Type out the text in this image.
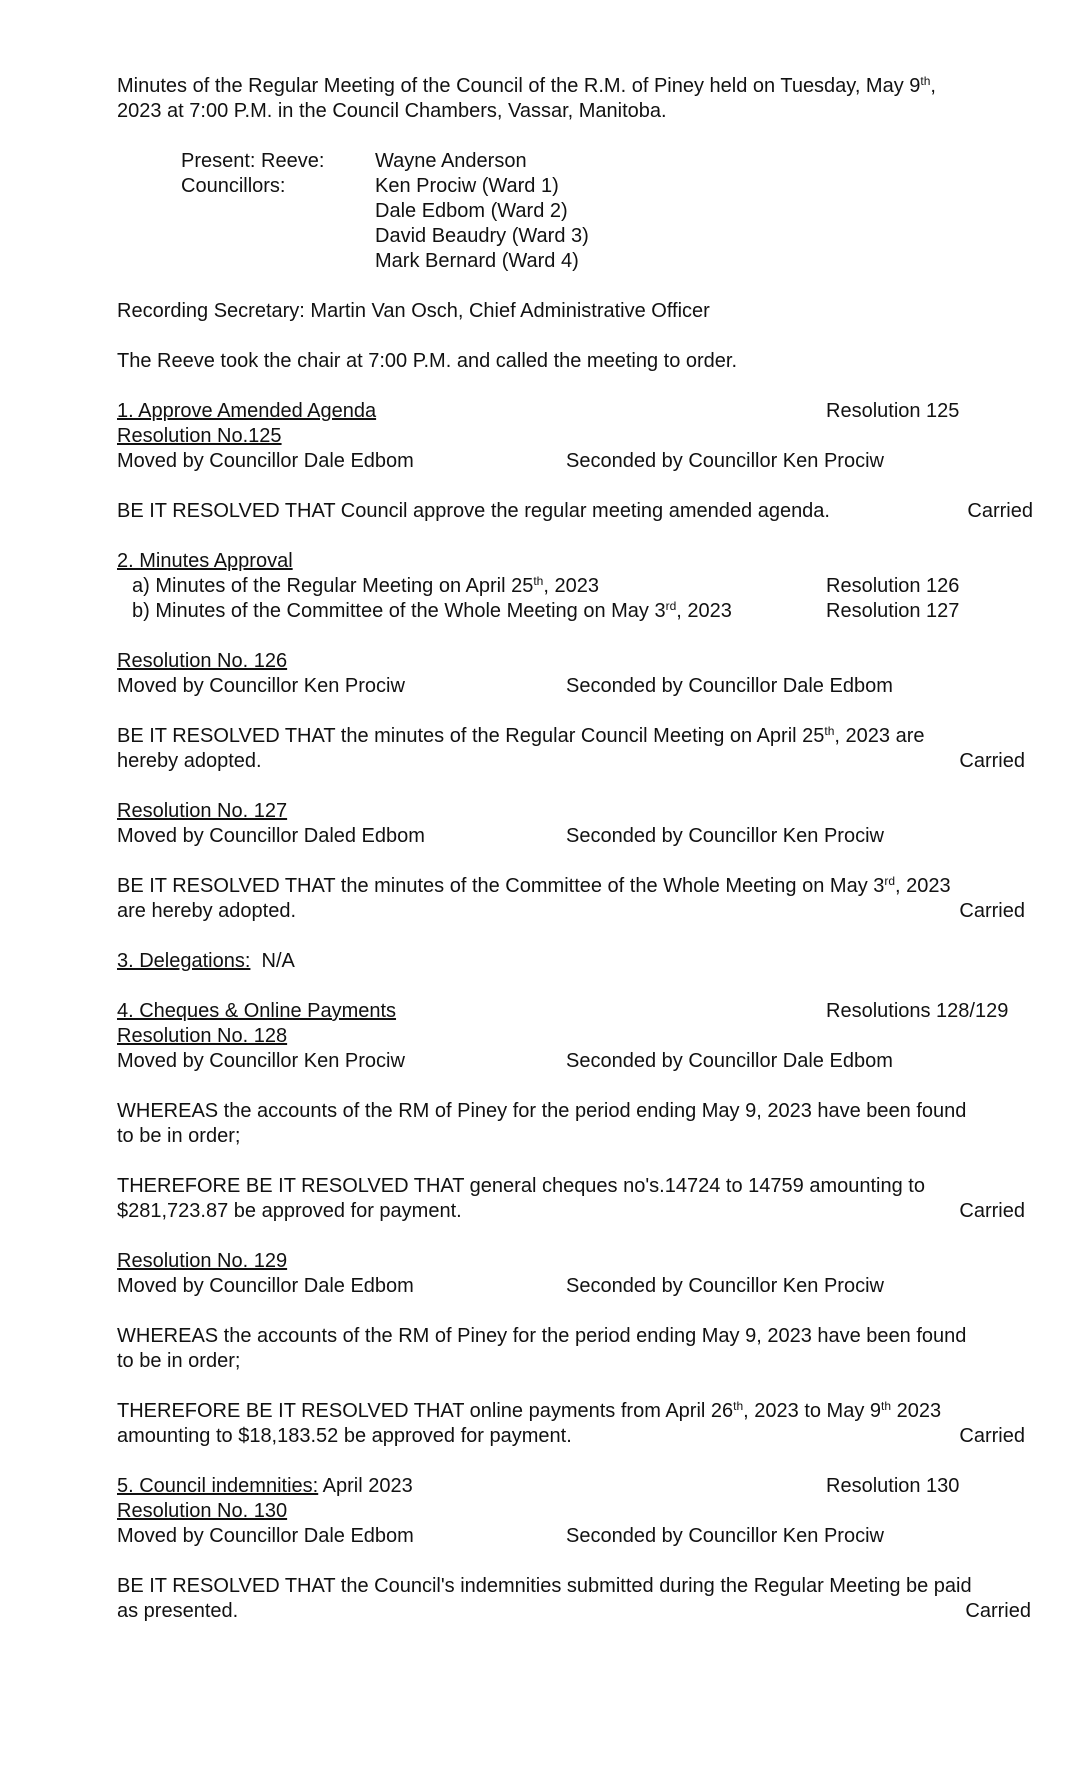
Minutes of the Regular Meeting of the Council of the R.M. of Piney held on Tuesday, May 9th,
2023 at 7:00 P.M. in the Council Chambers, Vassar, Manitoba.
Present: Reeve:	Wayne Anderson
Councillors:	Ken Prociw (Ward 1)
Dale Edbom (Ward 2)
David Beaudry (Ward 3)
Mark Bernard (Ward 4)
Recording Secretary: Martin Van Osch, Chief Administrative Officer
The Reeve took the chair at 7:00 P.M. and called the meeting to order.
1. Approve Amended Agenda	Resolution 125
Resolution No.125
Moved by Councillor Dale Edbom	Seconded by Councillor Ken Prociw
BE IT RESOLVED THAT Council approve the regular meeting amended agenda.	Carried
2. Minutes Approval
a) Minutes of the Regular Meeting on April 25th, 2023	Resolution 126
b) Minutes of the Committee of the Whole Meeting on May 3rd, 2023	Resolution 127
Resolution No. 126
Moved by Councillor Ken Prociw	Seconded by Councillor Dale Edbom
BE IT RESOLVED THAT the minutes of the Regular Council Meeting on April 25th, 2023 are
hereby adopted.	Carried
Resolution No. 127
Moved by Councillor Daled Edbom	Seconded by Councillor Ken Prociw
BE IT RESOLVED THAT the minutes of the Committee of the Whole Meeting on May 3rd, 2023
are hereby adopted.	Carried
3. Delegations: N/A
4. Cheques & Online Payments	Resolutions 128/129
Resolution No. 128
Moved by Councillor Ken Prociw	Seconded by Councillor Dale Edbom
WHEREAS the accounts of the RM of Piney for the period ending May 9, 2023 have been found
to be in order;
THEREFORE BE IT RESOLVED THAT general cheques no's.14724 to 14759 amounting to
$281,723.87 be approved for payment.	Carried
Resolution No. 129
Moved by Councillor Dale Edbom	Seconded by Councillor Ken Prociw
WHEREAS the accounts of the RM of Piney for the period ending May 9, 2023 have been found
to be in order;
THEREFORE BE IT RESOLVED THAT online payments from April 26th, 2023 to May 9th 2023
amounting to $18,183.52 be approved for payment.	Carried
5. Council indemnities: April 2023	Resolution 130
Resolution No. 130
Moved by Councillor Dale Edbom	Seconded by Councillor Ken Prociw
BE IT RESOLVED THAT the Council's indemnities submitted during the Regular Meeting be paid
as presented.	Carried
